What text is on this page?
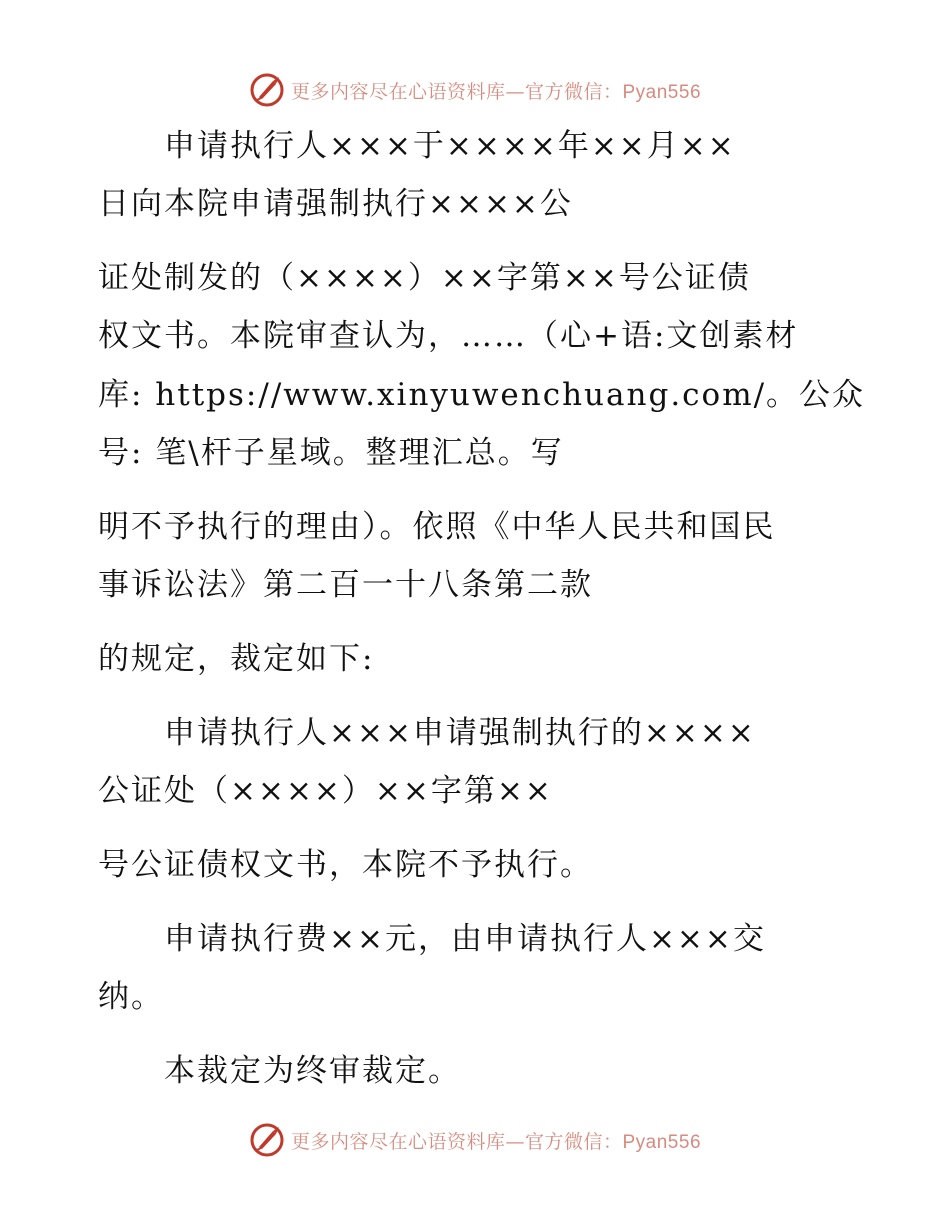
更多内容尽在心语资料库—官方微信：Pyan556

　　申请执行人×××于××××年××月××

日向本院申请强制执行××××公

证处制发的（××××）××字第××号公证债

权文书。本院审查认为，……（心+语:文创素材

库: https://www.xinyuwenchuang.com/。公众

号: 笔\杆子星域。整理汇总。写

明不予执行的理由）。依照《中华人民共和国民

事诉讼法》第二百一十八条第二款

的规定，裁定如下:

　　申请执行人×××申请强制执行的××××

公证处（××××）××字第××

号公证债权文书，本院不予执行。

　　申请执行费××元，由申请执行人×××交

纳。

　　本裁定为终审裁定。

更多内容尽在心语资料库—官方微信：Pyan556
